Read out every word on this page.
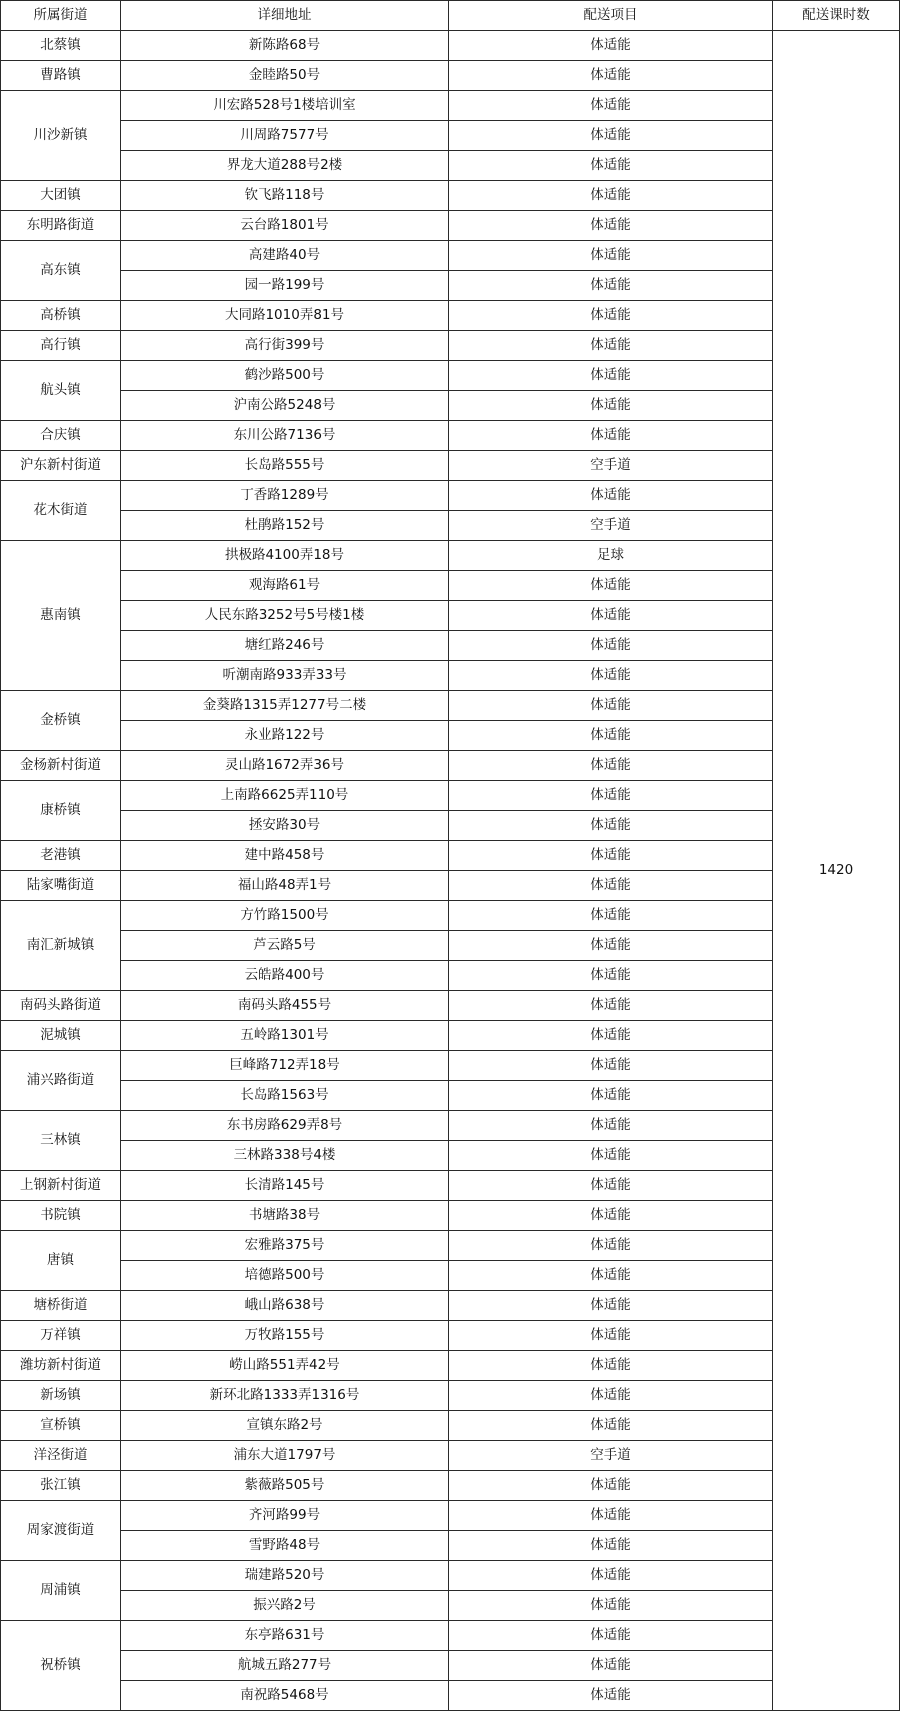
所属街道	详细地址	配送项目	配送课时数
北蔡镇	新陈路68号	体适能	1420
曹路镇	金睦路50号	体适能	
川沙新镇	川宏路528号1楼培训室	体适能	
	川周路7577号	体适能	
	界龙大道288号2楼	体适能	
大团镇	钦飞路118号	体适能	
东明路街道	云台路1801号	体适能	
高东镇	高建路40号	体适能	
	园一路199号	体适能	
高桥镇	大同路1010弄81号	体适能	
高行镇	高行街399号	体适能	
航头镇	鹤沙路500号	体适能	
	沪南公路5248号	体适能	
合庆镇	东川公路7136号	体适能	
沪东新村街道	长岛路555号	空手道	
花木街道	丁香路1289号	体适能	
	杜鹃路152号	空手道	
惠南镇	拱极路4100弄18号	足球	
	观海路61号	体适能	
	人民东路3252号5号楼1楼	体适能	
	塘红路246号	体适能	
	听潮南路933弄33号	体适能	
金桥镇	金葵路1315弄1277号二楼	体适能	
	永业路122号	体适能	
金杨新村街道	灵山路1672弄36号	体适能	
康桥镇	上南路6625弄110号	体适能	
	拯安路30号	体适能	
老港镇	建中路458号	体适能	
陆家嘴街道	福山路48弄1号	体适能	
南汇新城镇	方竹路1500号	体适能	
	芦云路5号	体适能	
	云皓路400号	体适能	
南码头路街道	南码头路455号	体适能	
泥城镇	五岭路1301号	体适能	
浦兴路街道	巨峰路712弄18号	体适能	
	长岛路1563号	体适能	
三林镇	东书房路629弄8号	体适能	
	三林路338号4楼	体适能	
上钢新村街道	长清路145号	体适能	
书院镇	书塘路38号	体适能	
唐镇	宏雅路375号	体适能	
	培德路500号	体适能	
塘桥街道	峨山路638号	体适能	
万祥镇	万牧路155号	体适能	
潍坊新村街道	崂山路551弄42号	体适能	
新场镇	新环北路1333弄1316号	体适能	
宣桥镇	宣镇东路2号	体适能	
洋泾街道	浦东大道1797号	空手道	
张江镇	紫薇路505号	体适能	
周家渡街道	齐河路99号	体适能	
	雪野路48号	体适能	
周浦镇	瑞建路520号	体适能	
	振兴路2号	体适能	
祝桥镇	东亭路631号	体适能	
	航城五路277号	体适能	
	南祝路5468号	体适能	
